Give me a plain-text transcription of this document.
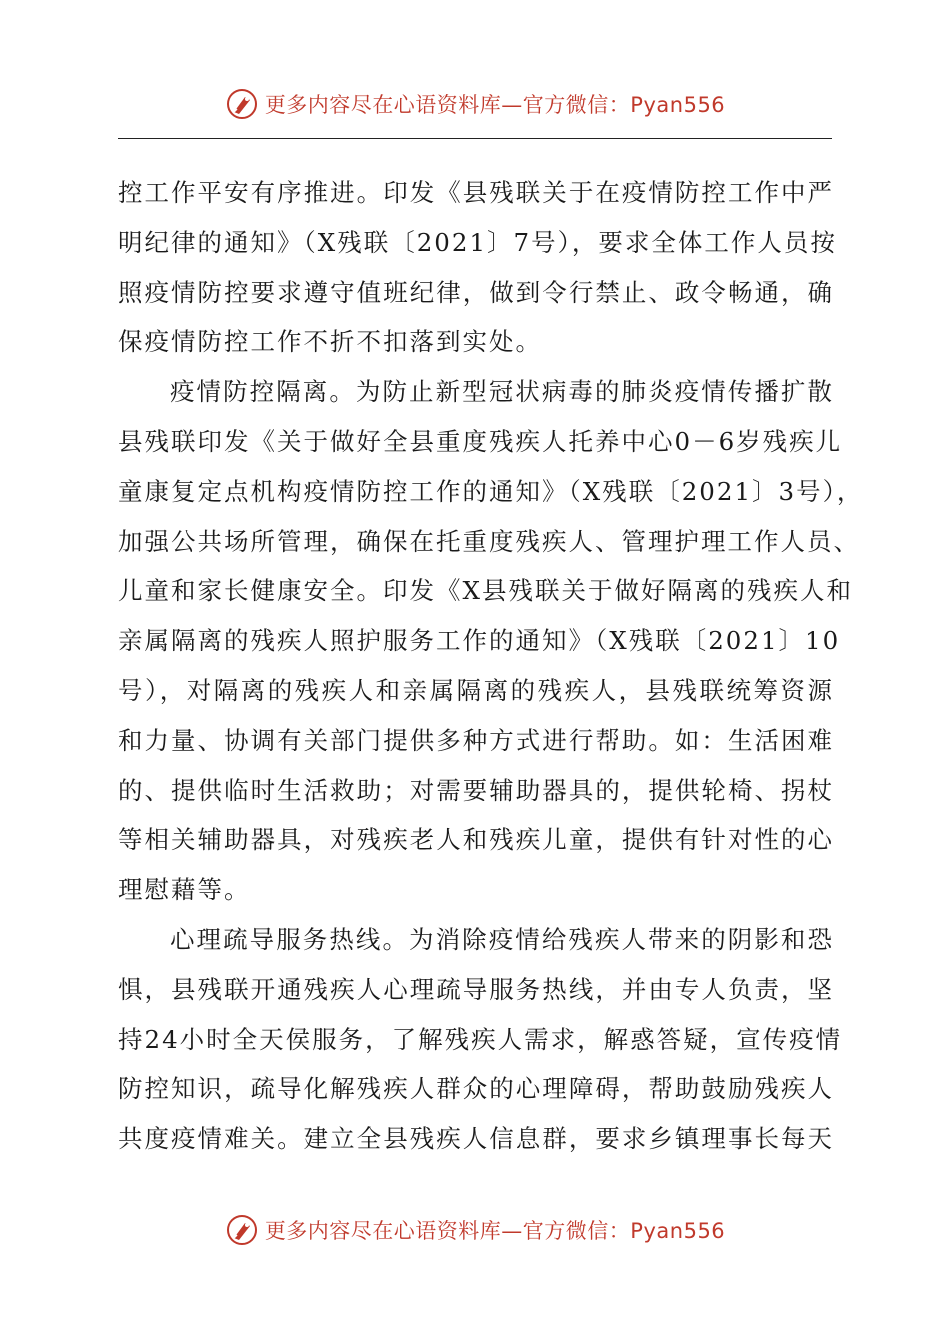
更多内容尽在心语资料库—官方微信：Pyan556
控工作平安有序推进。印发《县残联关于在疫情防控工作中严
明纪律的通知》（X残联〔2021〕7号），要求全体工作人员按
照疫情防控要求遵守值班纪律，做到令行禁止、政令畅通，确
保疫情防控工作不折不扣落到实处。
疫情防控隔离。为防止新型冠状病毒的肺炎疫情传播扩散
县残联印发《关于做好全县重度残疾人托养中心0－6岁残疾儿
童康复定点机构疫情防控工作的通知》（X残联〔2021〕3号），
加强公共场所管理，确保在托重度残疾人、管理护理工作人员、
儿童和家长健康安全。印发《X县残联关于做好隔离的残疾人和
亲属隔离的残疾人照护服务工作的通知》（X残联〔2021〕10
号），对隔离的残疾人和亲属隔离的残疾人，县残联统筹资源
和力量、协调有关部门提供多种方式进行帮助。如：生活困难
的、提供临时生活救助；对需要辅助器具的，提供轮椅、拐杖
等相关辅助器具，对残疾老人和残疾儿童，提供有针对性的心
理慰藉等。
心理疏导服务热线。为消除疫情给残疾人带来的阴影和恐
惧，县残联开通残疾人心理疏导服务热线，并由专人负责，坚
持24小时全天侯服务，了解残疾人需求，解惑答疑，宣传疫情
防控知识，疏导化解残疾人群众的心理障碍，帮助鼓励残疾人
共度疫情难关。建立全县残疾人信息群，要求乡镇理事长每天
更多内容尽在心语资料库—官方微信：Pyan556
